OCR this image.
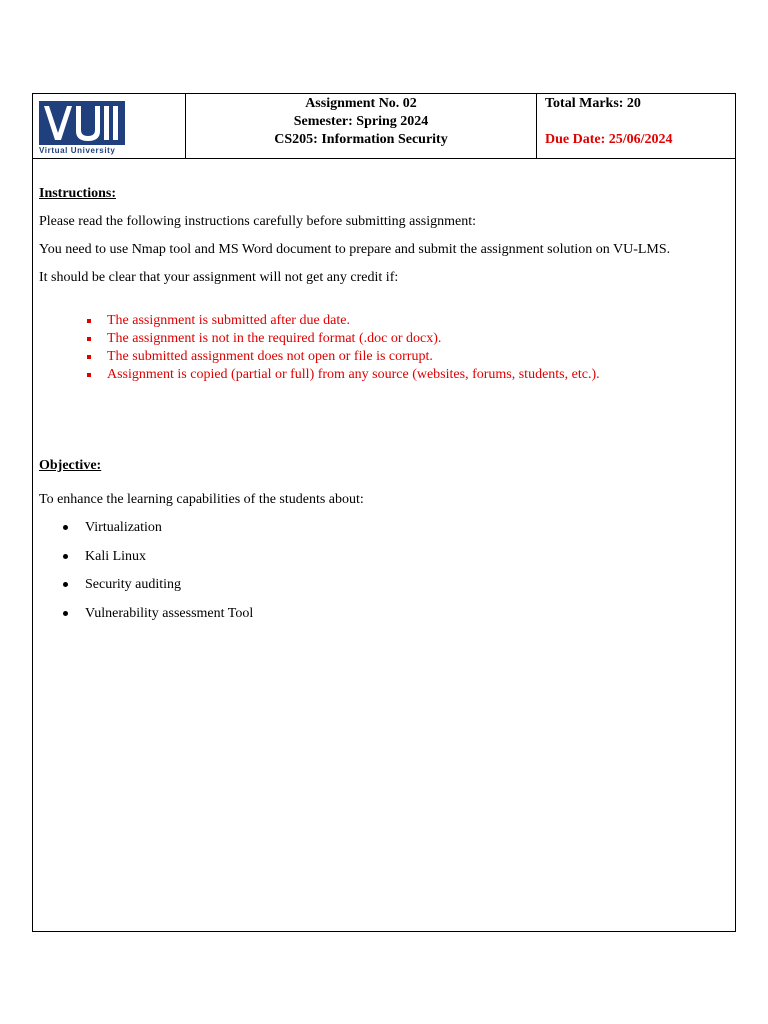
Virtual University
Assignment No. 02
Semester: Spring 2024
CS205: Information Security
Total Marks: 20
Due Date: 25/06/2024

Instructions:

Please read the following instructions carefully before submitting assignment:

You need to use Nmap tool and MS Word document to prepare and submit the assignment solution on VU-LMS.

It should be clear that your assignment will not get any credit if:

The assignment is submitted after due date.
The assignment is not in the required format (.doc or docx).
The submitted assignment does not open or file is corrupt.
Assignment is copied (partial or full) from any source (websites, forums, students, etc.).

Objective:

To enhance the learning capabilities of the students about:

Virtualization
Kali Linux
Security auditing
Vulnerability assessment Tool
